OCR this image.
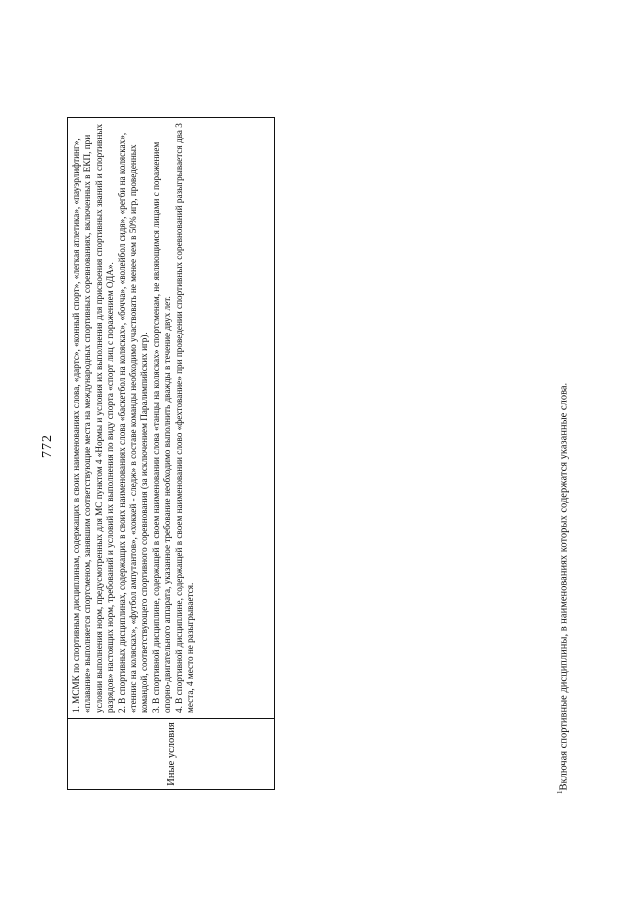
772
Иные условия

1. МСМК по спортивным дисциплинам, содержащих в своих наименованиях слова, «дартс», «конный спорт», «легкая атлетика», «пауэрлифтинг», «плавание» выполняется спортсменом, занявшим соответствующие места на международных спортивных соревнованиях, включенных в ЕКП, при условии выполнения норм, предусмотренных для МС пунктом 4 «Нормы и условия их выполнения для присвоения спортивных званий и спортивных разрядов» настоящих норм, требований и условий их выполнения по виду спорта «спорт лиц с поражением ОДА». 2. В спортивных дисциплинах, содержащих в своих наименованиях слова «баскетбол на колясках», «бочча», «волейбол сидя», «регби на колясках», «теннис на колясках», «футбол ампутантов», «хоккей - следж» в составе команды необходимо участвовать не менее чем в 50% игр, проведенных командой, соответствующего спортивного соревнования (за исключением Паралимпийских игр). 3. В спортивной дисциплине, содержащей в своем наименовании слова «танцы на колясках» спортсменам, не являющимся лицами с поражением опорно-двигательного аппарата, указанное требование необходимо выполнить дважды в течение двух лет. 4. В спортивной дисциплине, содержащей в своем наименовании слово «фехтование» при проведении спортивных соревнований разыгрывается два 3 места, 4 место не разыгрывается.

$^1$Включая спортивные дисциплины, в наименованиях которых содержатся указанные слова.
